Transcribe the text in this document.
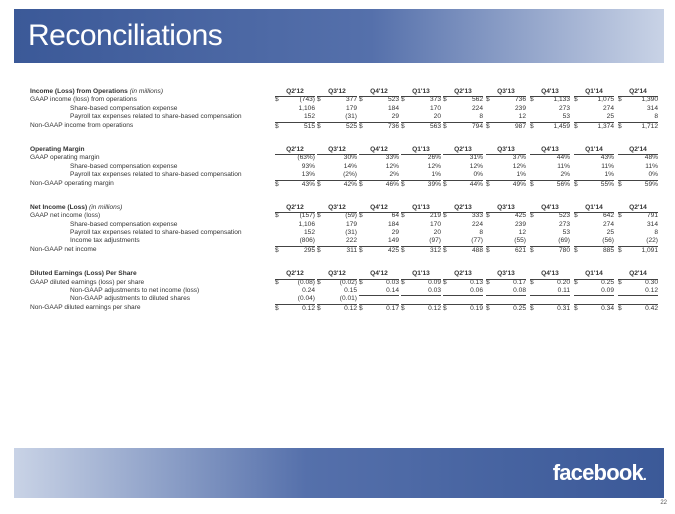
Reconciliations
Income (Loss) from Operations (in millions)	Q2'12	Q3'12	Q4'12	Q1'13	Q2'13	Q3'13	Q4'13	Q1'14	Q2'14
GAAP income (loss) from operations	$	(743) $	377 $	523 $	373 $	562 $	736 $	1,133 $	1,075 $	1,390
Share-based compensation expense	1,106	179	184	170	224	239	273	274	314
Payroll tax expenses related to share-based compensation	152	(31)	29	20	8	12	53	25	8
Non-GAAP income from operations	$	515 $	525 $	736 $	563 $	794 $	987 $	1,459 $	1,374 $	1,712
Operating Margin	Q2'12	Q3'12	Q4'12	Q1'13	Q2'13	Q3'13	Q4'13	Q1'14	Q2'14
GAAP operating margin	(63%)	30%	33%	26%	31%	37%	44%	43%	48%
Share-based compensation expense	93%	14%	12%	12%	12%	12%	11%	11%	11%
Payroll tax expenses related to share-based compensation	13%	(2%)	2%	1%	0%	1%	2%	1%	0%
Non-GAAP operating margin	$	43% $	42% $	46% $	39% $	44% $	49% $	56% $	55% $	59%
Net Income (Loss) (in millions)	Q2'12	Q3'12	Q4'12	Q1'13	Q2'13	Q3'13	Q4'13	Q1'14	Q2'14
GAAP net income (loss)	$	(157) $	(59) $	64 $	219 $	333 $	425 $	523 $	642 $	791
Share-based compensation expense	1,106	179	184	170	224	239	273	274	314
Payroll tax expenses related to share-based compensation	152	(31)	29	20	8	12	53	25	8
Income tax adjustments	(806)	222	149	(97)	(77)	(55)	(69)	(56)	(22)
Non-GAAP net income	$	295 $	311 $	425 $	312 $	488 $	621 $	780 $	885 $	1,091
Diluted Earnings (Loss) Per Share	Q2'12	Q3'12	Q4'12	Q1'13	Q2'13	Q3'13	Q4'13	Q1'14	Q2'14
GAAP diluted earnings (loss) per share	$	(0.08) $	(0.02) $	0.03 $	0.09 $	0.13 $	0.17 $	0.20 $	0.25 $	0.30
Non-GAAP adjustments to net income (loss)	0.24	0.15	0.14	0.03	0.06	0.08	0.11	0.09	0.12
Non-GAAP adjustments to diluted shares	(0.04)	(0.01)
Non-GAAP diluted earnings per share	$	0.12 $	0.12 $	0.17 $	0.12 $	0.19 $	0.25 $	0.31 $	0.34 $	0.42
facebook.
22
